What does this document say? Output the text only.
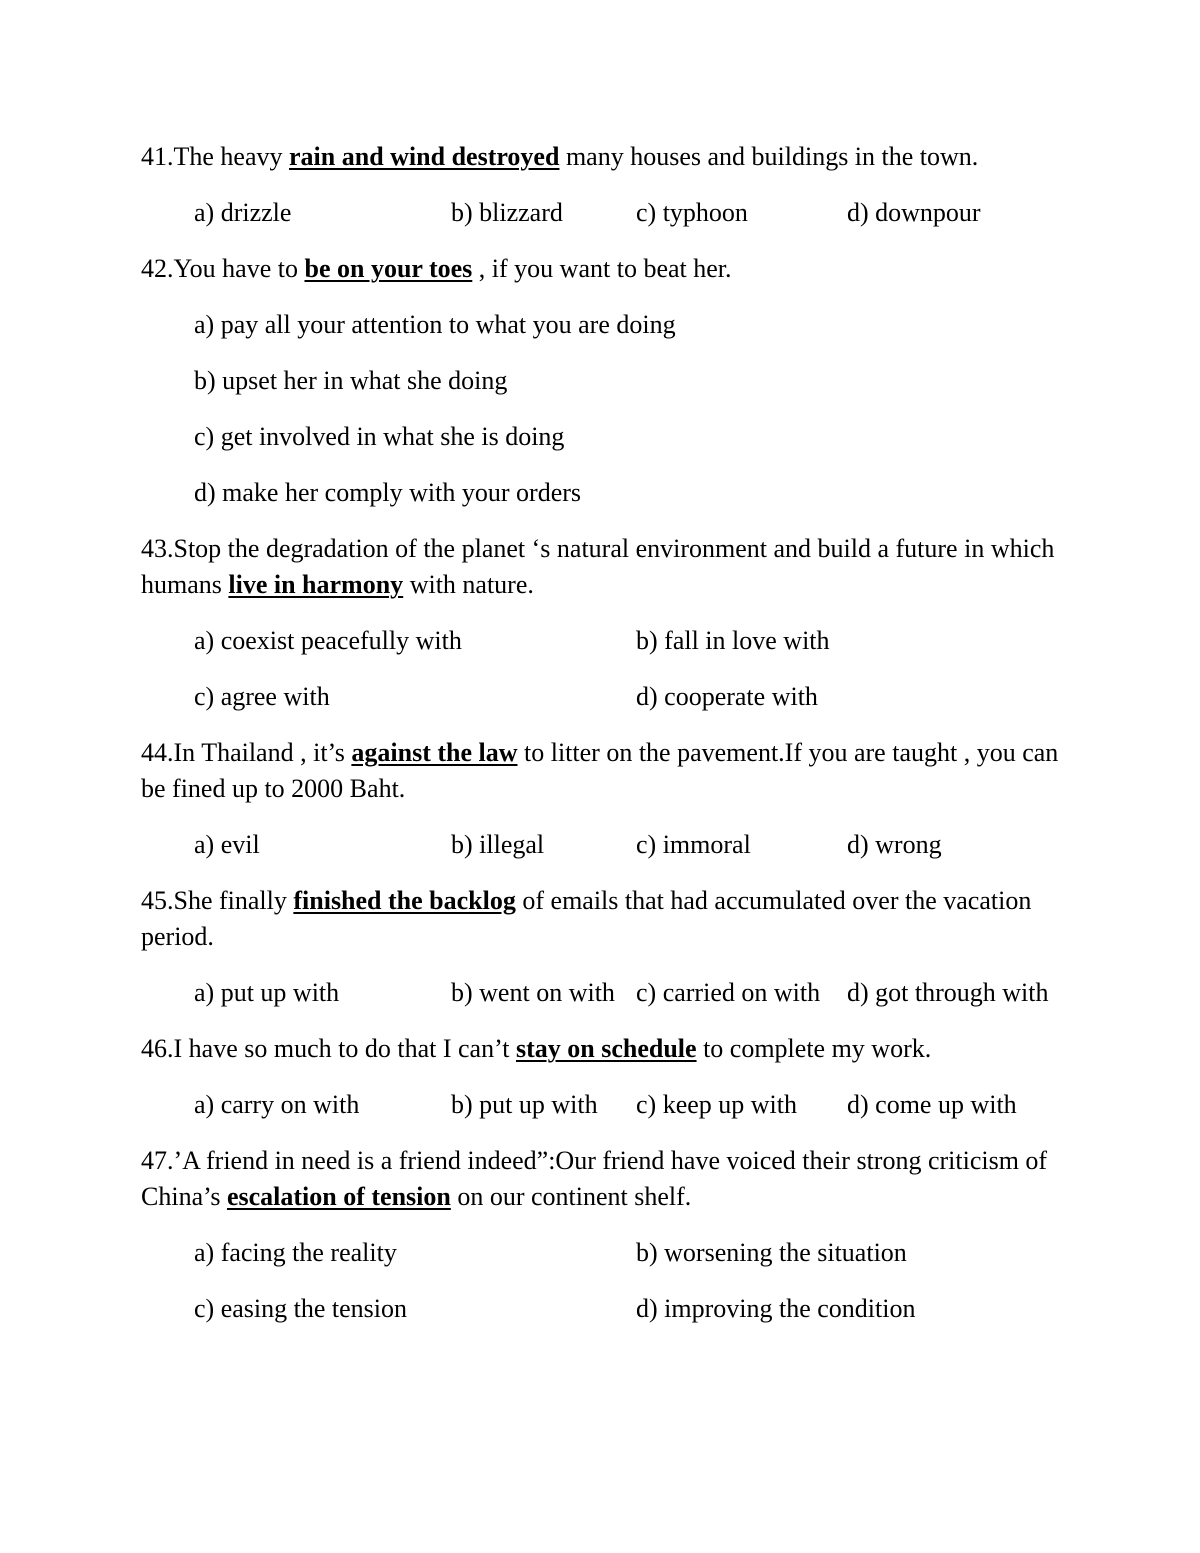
41.The heavy rain and wind destroyed many houses and buildings in the town.
a) drizzle	b) blizzard	c) typhoon	d) downpour
42.You have to be on your toes , if you want to beat her.
a) pay all your attention to what you are doing
b) upset her in what she doing
c) get involved in what she is doing
d) make her comply with your orders
43.Stop the degradation of the planet ‘s natural environment and build a future in which humans live in harmony with nature.
a) coexist peacefully with	b) fall in love with
c) agree with	d) cooperate with
44.In Thailand , it’s against the law to litter on the pavement.If you are taught , you can be fined up to 2000 Baht.
a) evil	b) illegal	c) immoral	d) wrong
45.She finally finished the backlog of emails that had accumulated over the vacation period.
a) put up with	b) went on with c) carried on with d) got through with
46.I have so much to do that I can’t stay on schedule to complete my work.
a) carry on with	b) put up with c) keep up with d) come up with
47.’A friend in need is a friend indeed”:Our friend have voiced their strong criticism of China’s escalation of tension on our continent shelf.
a) facing the reality	b) worsening the situation
c) easing the tension	d) improving the condition
